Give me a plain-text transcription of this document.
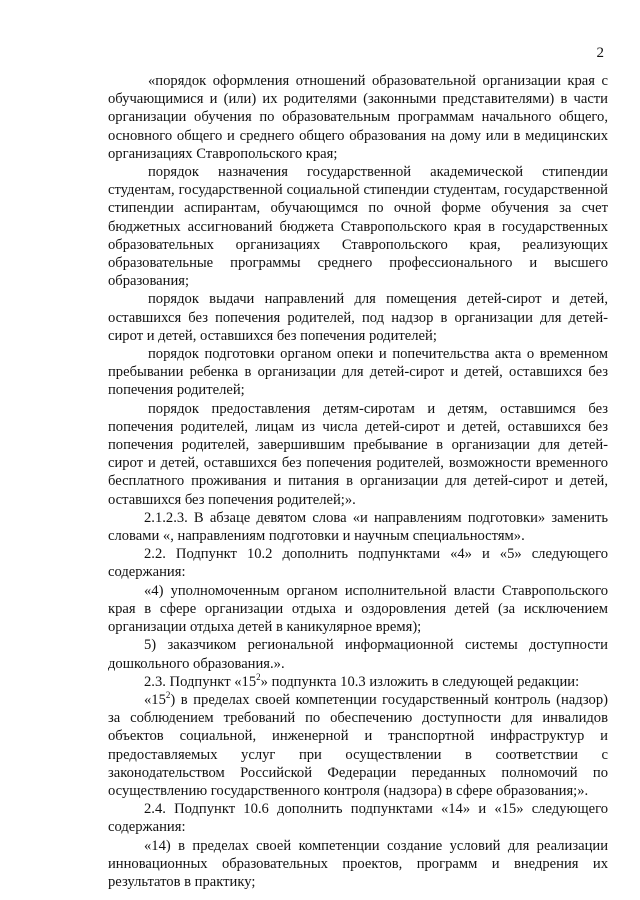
2

«порядок оформления отношений образовательной организации края с обучающимися и (или) их родителями (законными представителями) в части организации обучения по образовательным программам начального общего, основного общего и среднего общего образования на дому или в медицинских организациях Ставропольского края;

порядок назначения государственной академической стипендии студентам, государственной социальной стипендии студентам, государственной стипендии аспирантам, обучающимся по очной форме обучения за счет бюджетных ассигнований бюджета Ставропольского края в государственных образовательных организациях Ставропольского края, реализующих образовательные программы среднего профессионального и высшего образования;

порядок выдачи направлений для помещения детей-сирот и детей, оставшихся без попечения родителей, под надзор в организации для детей-сирот и детей, оставшихся без попечения родителей;

порядок подготовки органом опеки и попечительства акта о временном пребывании ребенка в организации для детей-сирот и детей, оставшихся без попечения родителей;

порядок предоставления детям-сиротам и детям, оставшимся без попечения родителей, лицам из числа детей-сирот и детей, оставшихся без попечения родителей, завершившим пребывание в организации для детей-сирот и детей, оставшихся без попечения родителей, возможности временного бесплатного проживания и питания в организации для детей-сирот и детей, оставшихся без попечения родителей;».

2.1.2.3. В абзаце девятом слова «и направлениям подготовки» заменить словами «, направлениям подготовки и научным специальностям».

2.2. Подпункт 10.2 дополнить подпунктами «4» и «5» следующего содержания:

«4) уполномоченным органом исполнительной власти Ставропольского края в сфере организации отдыха и оздоровления детей (за исключением организации отдыха детей в каникулярное время);

5) заказчиком региональной информационной системы доступности дошкольного образования.».

2.3. Подпункт «$15^2$» подпункта 10.3 изложить в следующей редакции:

«$15^2$) в пределах своей компетенции государственный контроль (надзор) за соблюдением требований по обеспечению доступности для инвалидов объектов социальной, инженерной и транспортной инфраструктур и предоставляемых услуг при осуществлении в соответствии с законодательством Российской Федерации переданных полномочий по осуществлению государственного контроля (надзора) в сфере образования;».

2.4. Подпункт 10.6 дополнить подпунктами «14» и «15» следующего содержания:

«14) в пределах своей компетенции создание условий для реализации инновационных образовательных проектов, программ и внедрения их результатов в практику;
